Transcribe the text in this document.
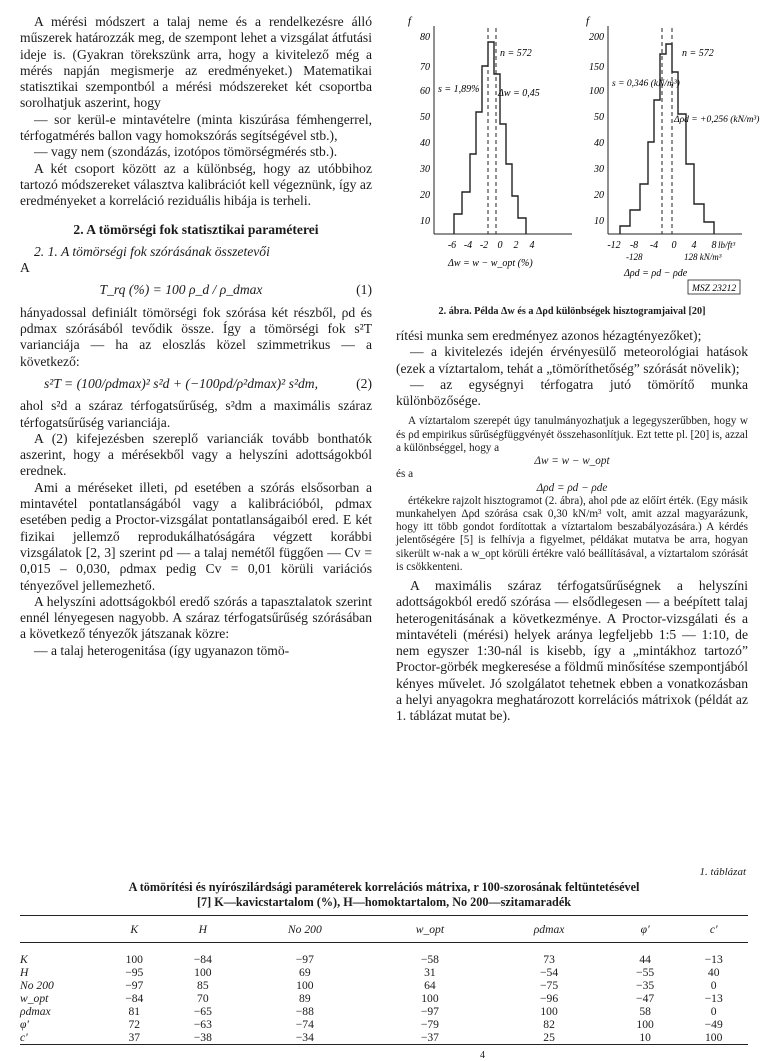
A mérési módszert a talaj neme és a rendelkezésre álló műszerek határozzák meg, de szempont lehet a vizsgálat átfutási ideje is. (Gyakran törekszünk arra, hogy a kivitelező még a mérés napján megismerje az eredményeket.) Matematikai statisztikai szempontból a mérési módszereket két csoportba sorolhatjuk aszerint, hogy

— sor kerül-e mintavételre (minta kiszúrása fémhengerrel, térfogatmérés ballon vagy homokszórás segítségével stb.),

— vagy nem (szondázás, izotópos tömörségmérés stb.).

A két csoport között az a különbség, hogy az utóbbihoz tartozó módszereket választva kalibrációt kell végeznünk, így az eredményeket a korreláció reziduális hibája is terheli.

2. A tömörségi fok statisztikai paraméterei
2. 1. A tömörségi fok szórásának összetevői

A

T_rq (%) = 100 ρ_d / ρ_dmax	(1)

hányadossal definiált tömörségi fok szórása két részből, ρd és ρdmax szórásából tevődik össze. Így a tömörségi fok s²T varianciája — ha az eloszlás közel szimmetrikus — a következő:

s²T = (100/ρdmax)² s²d + (−100ρd/ρ²dmax)² s²dm,	(2)

ahol s²d a száraz térfogatsűrűség, s²dm a maximális száraz térfogatsűrűség varianciája.

A (2) kifejezésben szereplő varianciák tovább bonthatók aszerint, hogy a mérésekből vagy a helyszíni adottságokból erednek.

Ami a méréseket illeti, ρd esetében a szórás elsősorban a mintavétel pontatlanságából vagy a kalibrációból, ρdmax esetében pedig a Proctor-vizsgálat pontatlanságaiból ered. E két fizikai jellemző reprodukálhatóságára végzett korábbi vizsgálatok [2, 3] szerint ρd — a talaj nemétől függően — Cv = 0,015 – 0,030, ρdmax pedig Cv = 0,01 körüli variációs tényezővel jellemezhető.

A helyszíni adottságokból eredő szórás a tapasztalatok szerint ennél lényegesen nagyobb. A száraz térfogatsűrűség szórásában a következő tényezők játszanak közre:

— a talaj heterogenitása (így ugyanazon tömö-

f
80
70
60
50
40
30
20
10
n = 572
s = 1,89% Δw = 0,45
-6 -4 -2 0 2 4
Δw = w − w_opt (%)
f
200
150
100
50
40
30
20
10
n = 572
s = 0,346 (kN/m³)
Δρd = +0,256 (kN/m³)
-12 -8 -4 0 4 8 lb/ft³
-128	128 kN/m³
Δρd = ρd − ρde
MSZ 23212
2. ábra. Példa Δw és a Δρd különbségek hisztogramjaival [20]

rítési munka sem eredményez azonos hézagtényezőket);

— a kivitelezés idején érvényesülő meteorológiai hatások (ezek a víztartalom, tehát a „tömöríthetőség” szórását növelik);

— az egységnyi térfogatra jutó tömörítő munka különbözősége.

A víztartalom szerepét úgy tanulmányozhatjuk a legegyszerűbben, hogy w és ρd empirikus sűrűségfüggvényét összehasonlítjuk. Ezt tette pl. [20] is, azzal a különbséggel, hogy a

Δw = w − w_opt
és a
Δρd = ρd − ρde

értékekre rajzolt hisztogramot (2. ábra), ahol ρde az előírt érték. (Egy másik munkahelyen Δρd szórása csak 0,30 kN/m³ volt, amit azzal magyarázunk, hogy itt több gondot fordítottak a víztartalom beszabályozására.) A kérdés jelentőségére [5] is felhívja a figyelmet, példákat mutatva be arra, hogyan sikerült w-nak a w_opt körüli értékre való beállításával, a víztartalom szórását is csökkenteni.

A maximális száraz térfogatsűrűségnek a helyszíni adottságokból eredő szórása — elsődlegesen — a beépített talaj heterogenitásának a következménye. A Proctor-vizsgálati és a mintavételi (mérési) helyek aránya legfeljebb 1:5 — 1:10, de nem egyszer 1:30-nál is kisebb, így a „mintákhoz tartozó” Proctor-görbék megkeresése a földmű minősítése szempontjából kényes művelet. Jó szolgálatot tehetnek ebben a vonatkozásban a helyi anyagokra meghatározott korrelációs mátrixok (példát az 1. táblázat mutat be).

1. táblázat
A tömörítési és nyírószilárdsági paraméterek korrelációs mátrixa, r 100-szorosának feltüntetésével
[7] K—kavicstartalom (%), H—homoktartalom, No 200—szitamaradék
	K	H	No 200	w_opt	ρdmax	φ'	c'
K	100	−84	−97	−58	73	44	−13
H	−95	100	69	31	−54	−55	40
No 200	−97	85	100	64	−75	−35	0
w_opt	−84	70	89	100	−96	−47	−13
ρdmax	81	−65	−88	−97	100	58	0
φ'	72	−63	−74	−79	82	100	−49
c'	37	−38	−34	−37	25	10	100
4
